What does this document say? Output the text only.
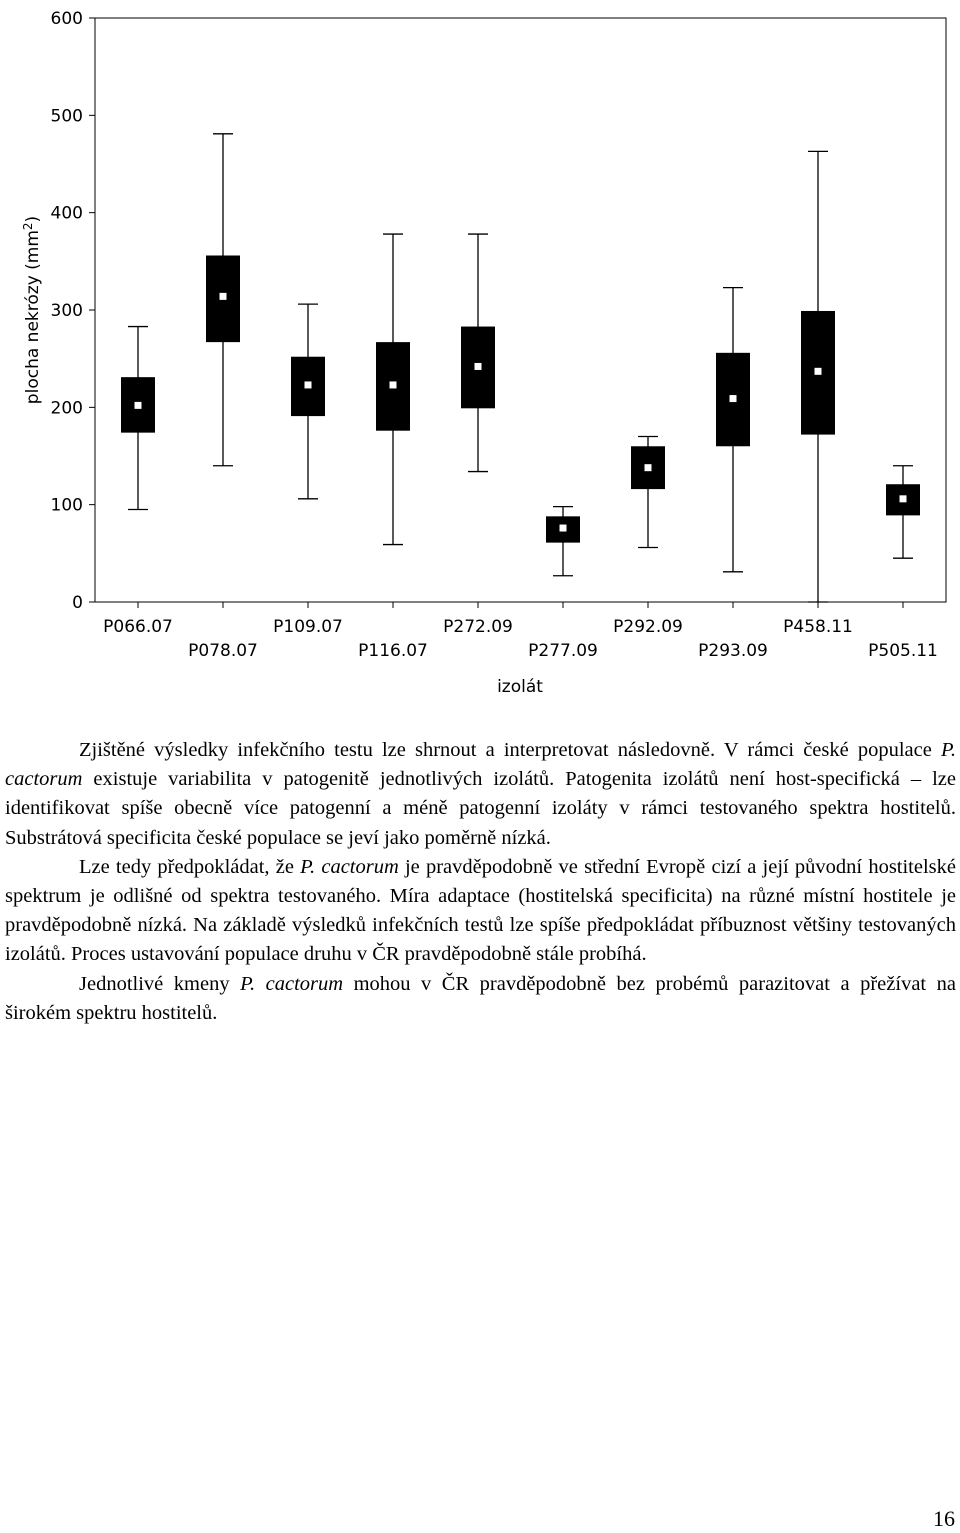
0
100
200
300
400
500
600
P066.07
P078.07
P109.07
P116.07
P272.09
P277.09
P292.09
P293.09
P458.11
P505.11
izolát
plocha nekrózy $(mm^2)$

Zjištěné výsledky infekčního testu lze shrnout a interpretovat následovně. V rámci české populace P. cactorum existuje variabilita v patogenitě jednotlivých izolátů. Patogenita izolátů není host-specifická – lze identifikovat spíše obecně více patogenní a méně patogenní izoláty v rámci testovaného spektra hostitelů. Substrátová specificita české populace se jeví jako poměrně nízká.

Lze tedy předpokládat, že P. cactorum je pravděpodobně ve střední Evropě cizí a její původní hostitelské spektrum je odlišné od spektra testovaného. Míra adaptace (hostitelská specificita) na různé místní hostitele je pravděpodobně nízká. Na základě výsledků infekčních testů lze spíše předpokládat příbuznost většiny testovaných izolátů. Proces ustavování populace druhu v ČR pravděpodobně stále probíhá.

Jednotlivé kmeny P. cactorum mohou v ČR pravděpodobně bez probémů parazitovat a přežívat na širokém spektru hostitelů.

16
